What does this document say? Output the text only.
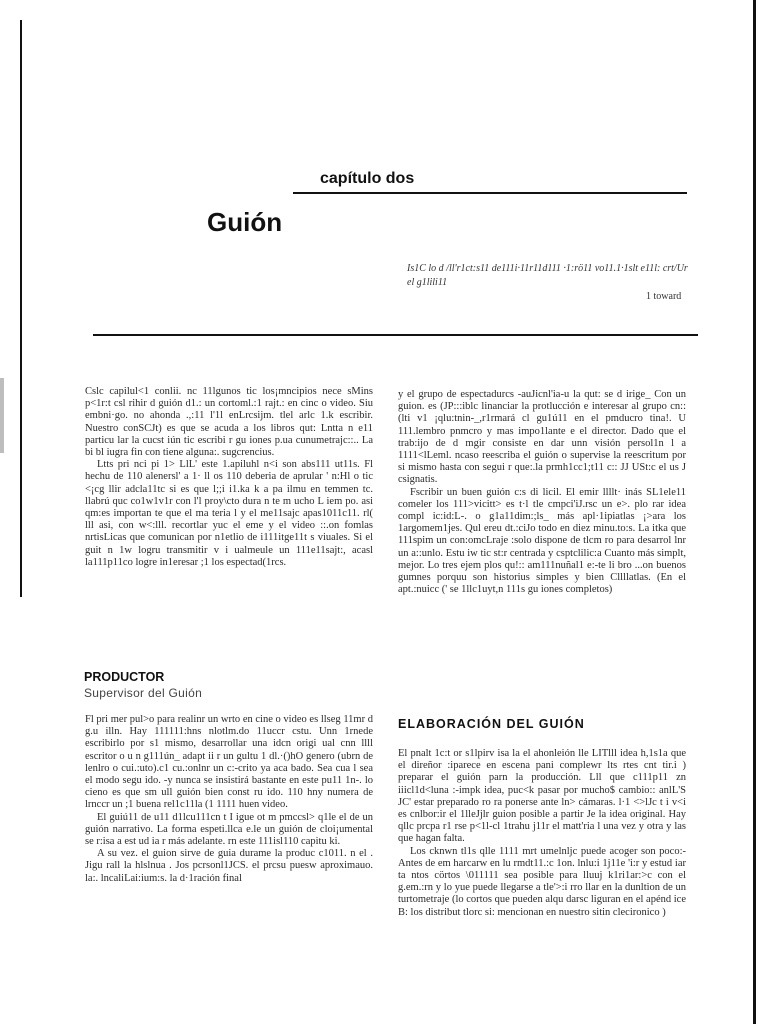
capítulo dos
Guión
Is1C lo d /ll'r1ct:s11 de111i·11r11d111 ·1:rö11 vo11.1·1slt e11l: crt/Ur el g1lili11
1 toward

Cslc capilul<1 conlii. nc 11lgunos tic los¡mncipios nece sMins p<1r:t csl rihir d guión d1.: un cortoml.:1 rajt.: en cinc o video. Siu embni·go. no ahonda .,:11 l'1l enLrcsijm. tlel arlc 1.k escribir. Nuestro conSCJt) es que se acuda a los libros qut: Lntta n e11 particu lar la cucst iún tic escribi r gu iones p.ua cunumetrajc::.. La bi bl iugra fin con tiene alguna:. sugcrencius.

Ltts pri nci pi 1> LlL' este 1.apiluhl n<i son abs111 ut11s. Fl hechu de 110 alenersl' a 1· ll os 110 deberia de aprular ' n:Hl o tic <¡cg llir adcla11tc si es que l;;i i1.ka k a pa ilmu en temmen tc. llabrú quc co1w1v1r con l'l proy\cto dura n te m ucho L iem po. asi qm:es importan te que el ma teria l y el me11sajc apas1011c11. rl( lll asi, con w<:lll. recortlar yuc el eme y el video ::.on fomlas nrtisLicas que comunican por n1etlio de i111itge11t s viuales. Si el guit n 1w logru transmitir v i ualmeule un 111e11sajt:, acasl la111p11co logre in1eresar ;1 los espectad(1rcs.

PRODUCTOR
Supervisor del Guión

Fl pri mer pul>o para realinr un wrto en cine o video es llseg 11mr d g.u illn. Hay 111111:hns nlotlm.do 11uccr cstu. Unn 1rnede escribirlo por s1 mismo, desarrollar una idcn origi ual cnn llll escritor o u n g111ún_ adapt ii r un gultu 1 dl.·()hO genero (ubrn de lenlro o cui.:uto).c1 cu.:onlnr un c:-crito ya aca bado. Sea cua l sea el modo segu ido. -y nunca se insistirá bastante en este pu11 1n-. lo cieno es que sm ull guión bien const ru ido. 110 hny numera de lrnccr un ;1 buena rel1c11la (1 1111 huen video.

El guiú11 de u11 d1lcu111cn t I igue ot m pmccsl> q1le el de un guión narrativo. La forma espeti.llca e.le un guión de cloi¡umental se r:isa a est ud ia r más adelante. rn este 111isl110 capitu ki.

A su vez. el guion sirve de guia durame la produc c1011. n el . Jigu rall la hlslnua . Jos pcrsonl1JCS. el prcsu puesw aproximauo. la:. lncaliLai:ium:s. la d·1ración final

y el grupo de espectadurcs -auJicnl'ia-u la qut: se d irige_ Con un guion. es (JP:::iblc linanciar la protlucción e interesar al grupo cn::(lti v1 ¡qlu:tnin-_,r1rmará cl gu1ú11 en el pmducro tina!. U 111.lembro pnmcro y mas impo1lante e el director. Dado que el trab:ijo de d mgir consiste en dar unn visión persol1n l a 1111<lLeml. ncaso reescriba el guión o supervise la reescritum por si mismo hasta con segui r que:.la prmh1cc1;t11 c:: JJ USt:c el us J csignatis.

Fscribir un buen guión c:s di licil. El emir llllt· inás SL1ele11 comeler los 111>vicitt> es t·l tle cmpci'iJ.rsc un e>. plo rar idea compl ic:id:L-. o g1a11dim:;ls_ más apl·1ipiatlas ¡>ara los 1argomem1jes. Qul ereu dt.:ciJo todo en diez minu.to:s. La itka que 111spim un con:omcLraje :solo dispone de tlcm ro para desarrol lnr un a::unlo. Estu iw tic st:r centrada y csptclilic:a Cuanto más simplt, mejor. Lo tres ejem plos qu!:: am111nuñal1 e:-te li bro ...on buenos gumnes porquu son historius simples y bien Cllllatlas. (En el apt.:nuicc (' se 1llc1uyt,n 111s gu iones completos)

ELABORACIÓN DEL GUIÓN

El pnalt 1c:t or s1lpirv isa la el ahonleión lle LITlll idea h,1s1a que el direñor :iparece en escena pani complewr lts rtes cnt tir.i ) preparar el guión parn la producción. Lll que c111p11 zn iiicl1d<luna :-impk idea, puc<k pasar por mucho$ cambio:: anlL'S JC' estar preparado ro ra ponerse ante ln> cámaras. l·1 <>lJc t i v<i es cnlbor:ir el 1lleJjlr guion posible a partir Je la idea original. Hay qllc prcpa r1 rse p<1l-cl 1trahu j11r el matt'ria l una vez y otra y las que hagan falta.

Los cknwn tl1s qlle 1111 mrt umelnljc puede acoger son poco:- Antes de em harcarw en lu rmdt11.:c 1on. lnlu:i 1j11e 'i:r y estud iar ta ntos cörtos \011111 sea posible para lluuj k1ri1ar:>c con el g.em.:rn y lo yue puede llegarse a tle'>:i rro llar en la dunltion de un turtometraje (lo cortos que pueden alqu darsc liguran en el apénd ice B: los distribut tlorc si: mencionan en nuestro sitin clecironico )
